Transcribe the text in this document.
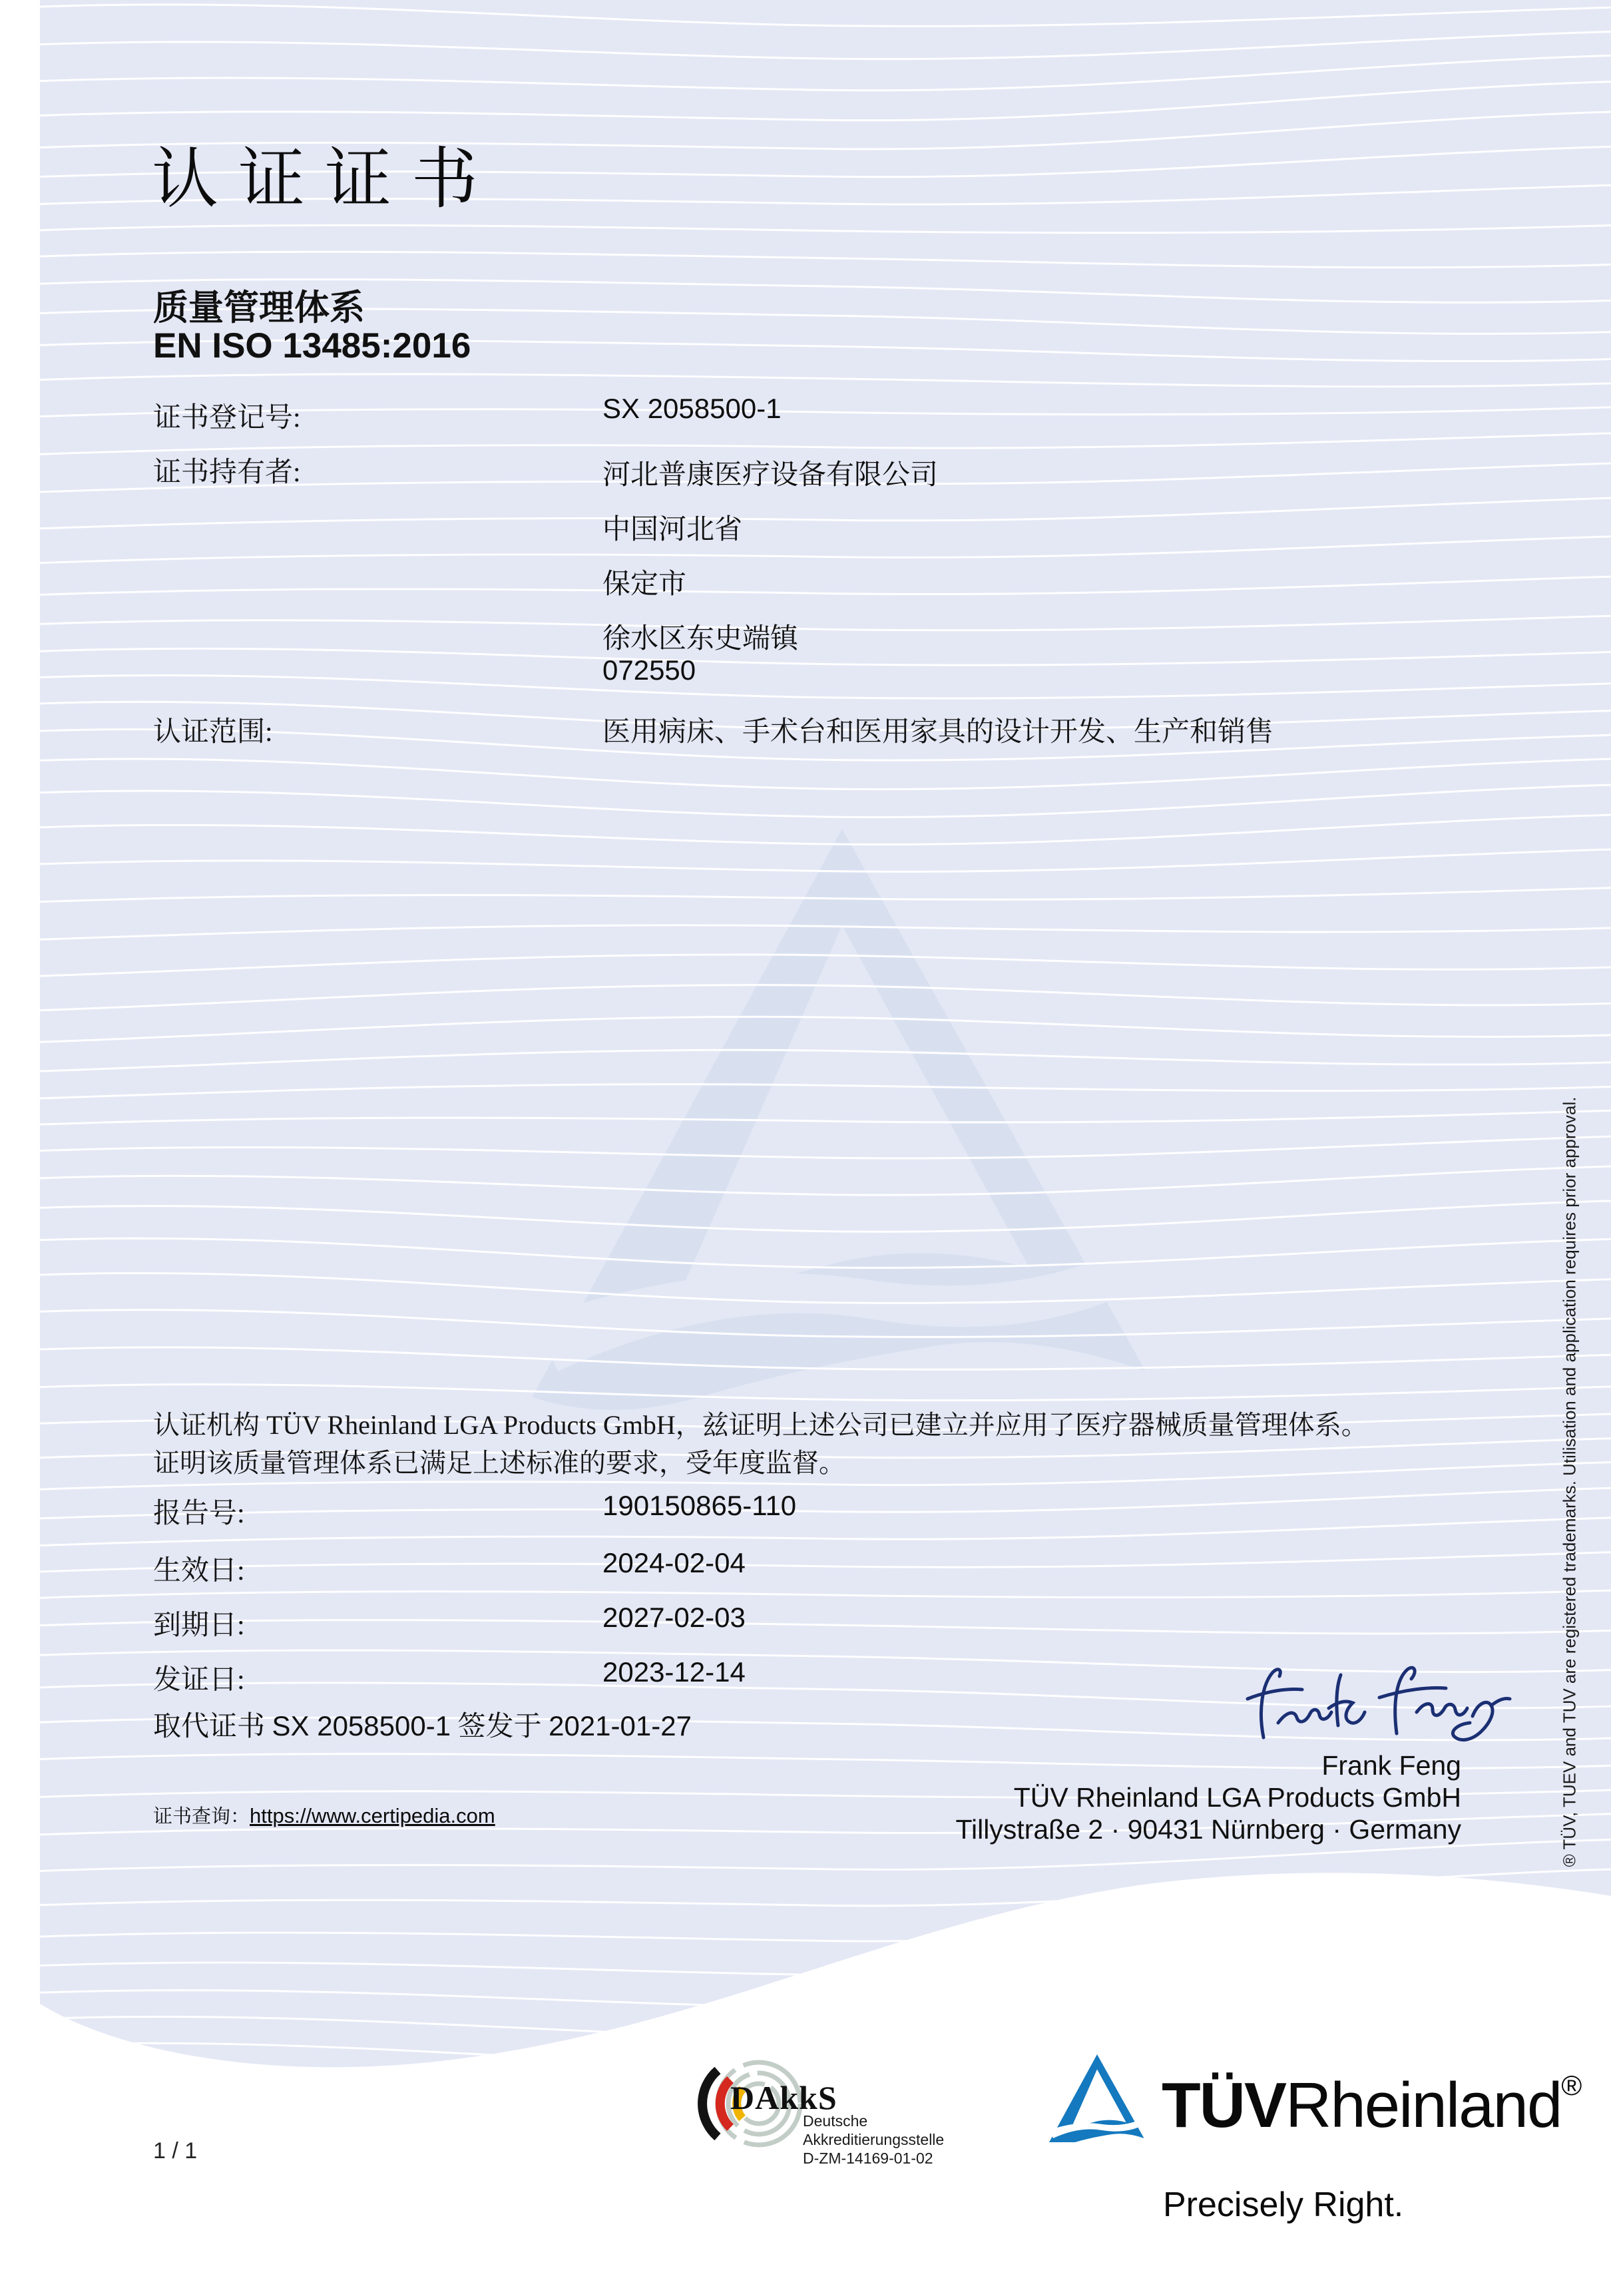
认证证书
质量管理体系
EN ISO 13485:2016
证书登记号:	SX 2058500-1
证书持有者:	河北普康医疗设备有限公司
中国河北省
保定市
徐水区东史端镇
072550
认证范围:	医用病床、手术台和医用家具的设计开发、生产和销售
认证机构 TÜV Rheinland LGA Products GmbH，兹证明上述公司已建立并应用了医疗器械质量管理体系。
证明该质量管理体系已满足上述标准的要求，受年度监督。
报告号:	190150865-110
生效日:	2024-02-04
到期日:	2027-02-03
发证日:	2023-12-14
取代证书 SX 2058500-1 签发于 2021-01-27
Frank Feng
TÜV Rheinland LGA Products GmbH
Tillystraße 2 · 90431 Nürnberg · Germany
证书查询：https://www.certipedia.com
1 / 1
® TÜV, TUEV and TUV are registered trademarks. Utilisation and application requires prior approval.
DAkkS
Deutsche
Akkreditierungsstelle
D-ZM-14169-01-02
TÜVRheinland®
Precisely Right.
